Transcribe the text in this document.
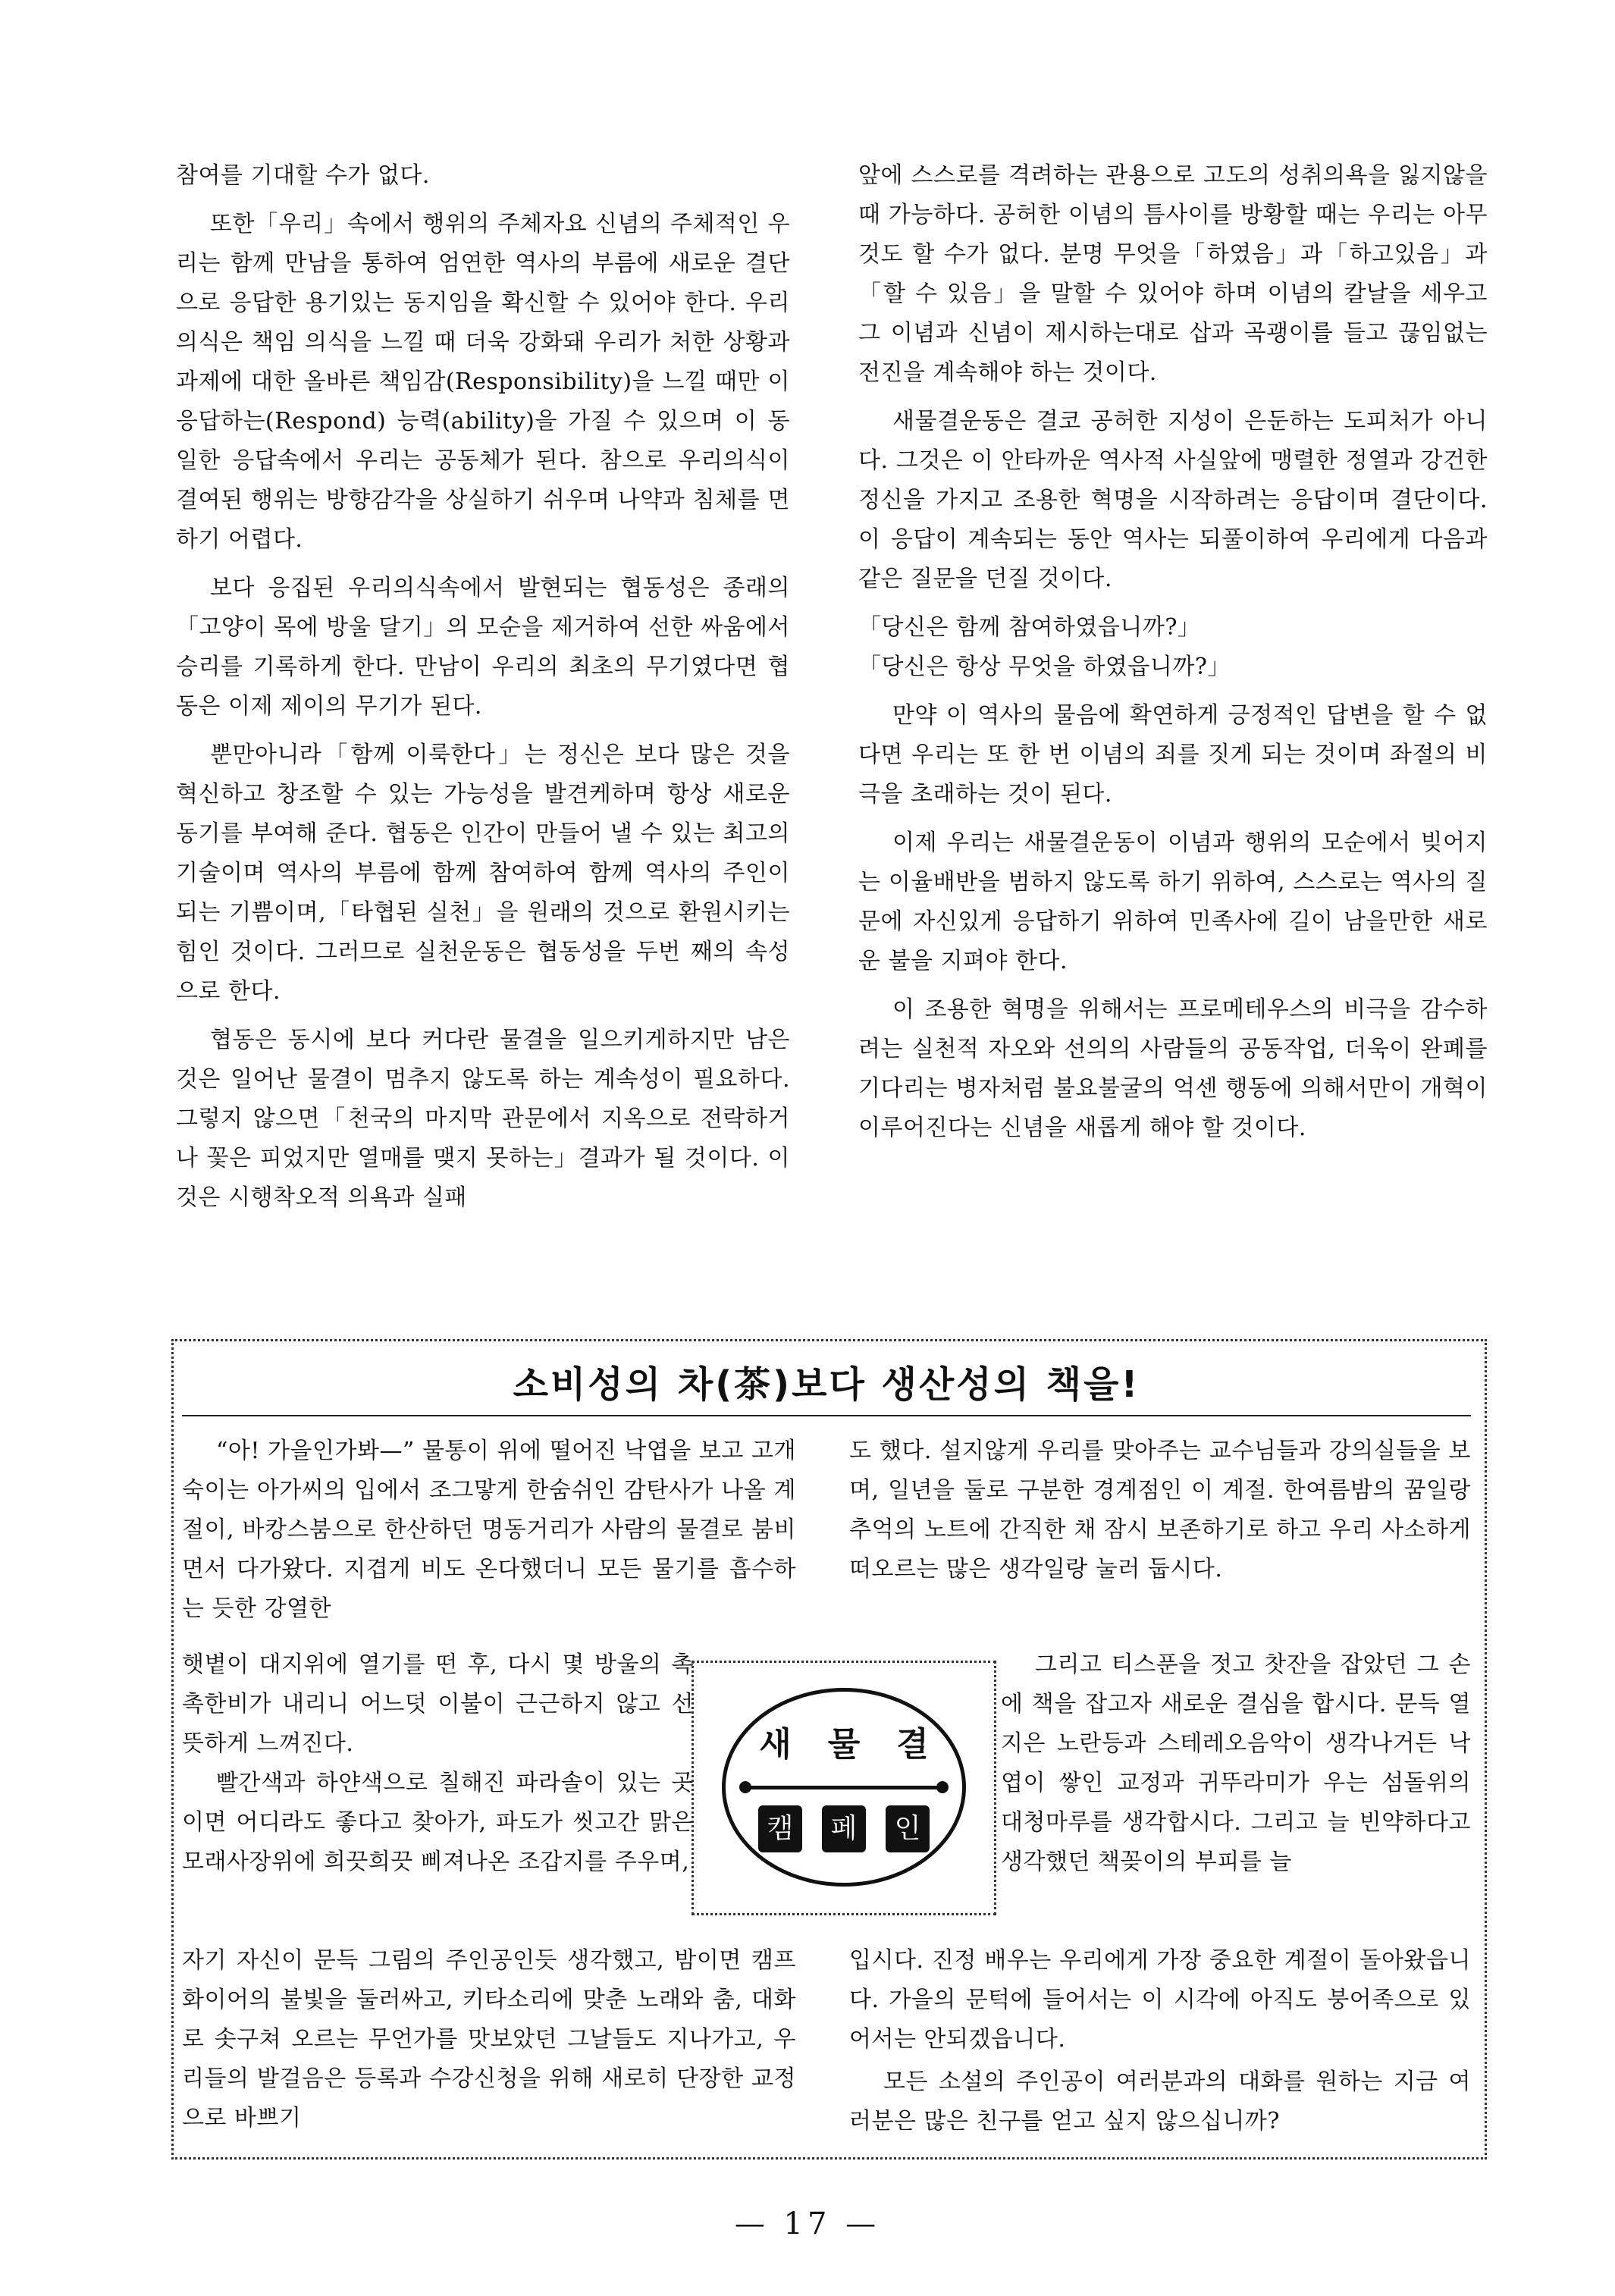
참여를 기대할 수가 없다.

또한「우리」속에서 행위의 주체자요 신념의 주체적인 우리는 함께 만남을 통하여 엄연한 역사의 부름에 새로운 결단으로 응답한 용기있는 동지임을 확신할 수 있어야 한다. 우리 의식은 책임 의식을 느낄 때 더욱 강화돼 우리가 처한 상황과 과제에 대한 올바른 책임감(Responsibility)을 느낄 때만 이 응답하는(Respond) 능력(ability)을 가질 수 있으며 이 동일한 응답속에서 우리는 공동체가 된다. 참으로 우리의식이 결여된 행위는 방향감각을 상실하기 쉬우며 나약과 침체를 면하기 어렵다.

보다 응집된 우리의식속에서 발현되는 협동성은 종래의「고양이 목에 방울 달기」의 모순을 제거하여 선한 싸움에서 승리를 기록하게 한다. 만남이 우리의 최초의 무기였다면 협동은 이제 제이의 무기가 된다.

뿐만아니라「함께 이룩한다」는 정신은 보다 많은 것을 혁신하고 창조할 수 있는 가능성을 발견케하며 항상 새로운 동기를 부여해 준다. 협동은 인간이 만들어 낼 수 있는 최고의 기술이며 역사의 부름에 함께 참여하여 함께 역사의 주인이 되는 기쁨이며,「타협된 실천」을 원래의 것으로 환원시키는 힘인 것이다. 그러므로 실천운동은 협동성을 두번 째의 속성으로 한다.

협동은 동시에 보다 커다란 물결을 일으키게하지만 남은 것은 일어난 물결이 멈추지 않도록 하는 계속성이 필요하다. 그렇지 않으면「천국의 마지막 관문에서 지옥으로 전락하거나 꽃은 피었지만 열매를 맺지 못하는」결과가 될 것이다. 이것은 시행착오적 의욕과 실패

앞에 스스로를 격려하는 관용으로 고도의 성취의욕을 잃지않을 때 가능하다. 공허한 이념의 틈사이를 방황할 때는 우리는 아무 것도 할 수가 없다. 분명 무엇을「하였음」과「하고있음」과「할 수 있음」을 말할 수 있어야 하며 이념의 칼날을 세우고 그 이념과 신념이 제시하는대로 삽과 곡괭이를 들고 끊임없는 전진을 계속해야 하는 것이다.

새물결운동은 결코 공허한 지성이 은둔하는 도피처가 아니다. 그것은 이 안타까운 역사적 사실앞에 맹렬한 정열과 강건한 정신을 가지고 조용한 혁명을 시작하려는 응답이며 결단이다. 이 응답이 계속되는 동안 역사는 되풀이하여 우리에게 다음과 같은 질문을 던질 것이다.

「당신은 함께 참여하였읍니까?」

「당신은 항상 무엇을 하였읍니까?」

만약 이 역사의 물음에 확연하게 긍정적인 답변을 할 수 없다면 우리는 또 한 번 이념의 죄를 짓게 되는 것이며 좌절의 비극을 초래하는 것이 된다.

이제 우리는 새물결운동이 이념과 행위의 모순에서 빚어지는 이율배반을 범하지 않도록 하기 위하여, 스스로는 역사의 질문에 자신있게 응답하기 위하여 민족사에 길이 남을만한 새로운 불을 지펴야 한다.

이 조용한 혁명을 위해서는 프로메테우스의 비극을 감수하려는 실천적 자오와 선의의 사람들의 공동작업, 더욱이 완폐를 기다리는 병자처럼 불요불굴의 억센 행동에 의해서만이 개혁이 이루어진다는 신념을 새롭게 해야 할 것이다.

소비성의 차(茶)보다 생산성의 책을!

“아! 가을인가봐—” 물통이 위에 떨어진 낙엽을 보고 고개숙이는 아가씨의 입에서 조그맣게 한숨쉬인 감탄사가 나올 계절이, 바캉스붐으로 한산하던 명동거리가 사람의 물결로 붐비면서 다가왔다. 지겹게 비도 온다했더니 모든 물기를 흡수하는 듯한 강열한

햇볕이 대지위에 열기를 떤 후, 다시 몇 방울의 촉촉한비가 내리니 어느덧 이불이 근근하지 않고 선뜻하게 느껴진다.

빨간색과 하얀색으로 칠해진 파라솔이 있는 곳이면 어디라도 좋다고 찾아가, 파도가 씻고간 맑은 모래사장위에 희끗희끗 삐져나온 조갑지를 주우며,

자기 자신이 문득 그림의 주인공인듯 생각했고, 밤이면 캠프화이어의 불빛을 둘러싸고, 키타소리에 맞춘 노래와 춤, 대화로 솟구쳐 오르는 무언가를 맛보았던 그날들도 지나가고, 우리들의 발걸음은 등록과 수강신청을 위해 새로히 단장한 교정으로 바쁘기

도 했다. 설지않게 우리를 맞아주는 교수님들과 강의실들을 보며, 일년을 둘로 구분한 경계점인 이 계절. 한여름밤의 꿈일랑 추억의 노트에 간직한 채 잠시 보존하기로 하고 우리 사소하게 떠오르는 많은 생각일랑 눌러 둡시다.

그리고 티스푼을 젓고 찻잔을 잡았던 그 손에 책을 잡고자 새로운 결심을 합시다. 문득 열지은 노란등과 스테레오음악이 생각나거든 낙엽이 쌓인 교정과 귀뚜라미가 우는 섬돌위의 대청마루를 생각합시다. 그리고 늘 빈약하다고 생각했던 책꽂이의 부피를 늘

입시다. 진정 배우는 우리에게 가장 중요한 계절이 돌아왔읍니다. 가을의 문턱에 들어서는 이 시각에 아직도 붕어족으로 있어서는 안되겠읍니다.

모든 소설의 주인공이 여러분과의 대화를 원하는 지금 여러분은 많은 친구를 얻고 싶지 않으십니까?

새 물 결
캠	페	인
— 17 —
